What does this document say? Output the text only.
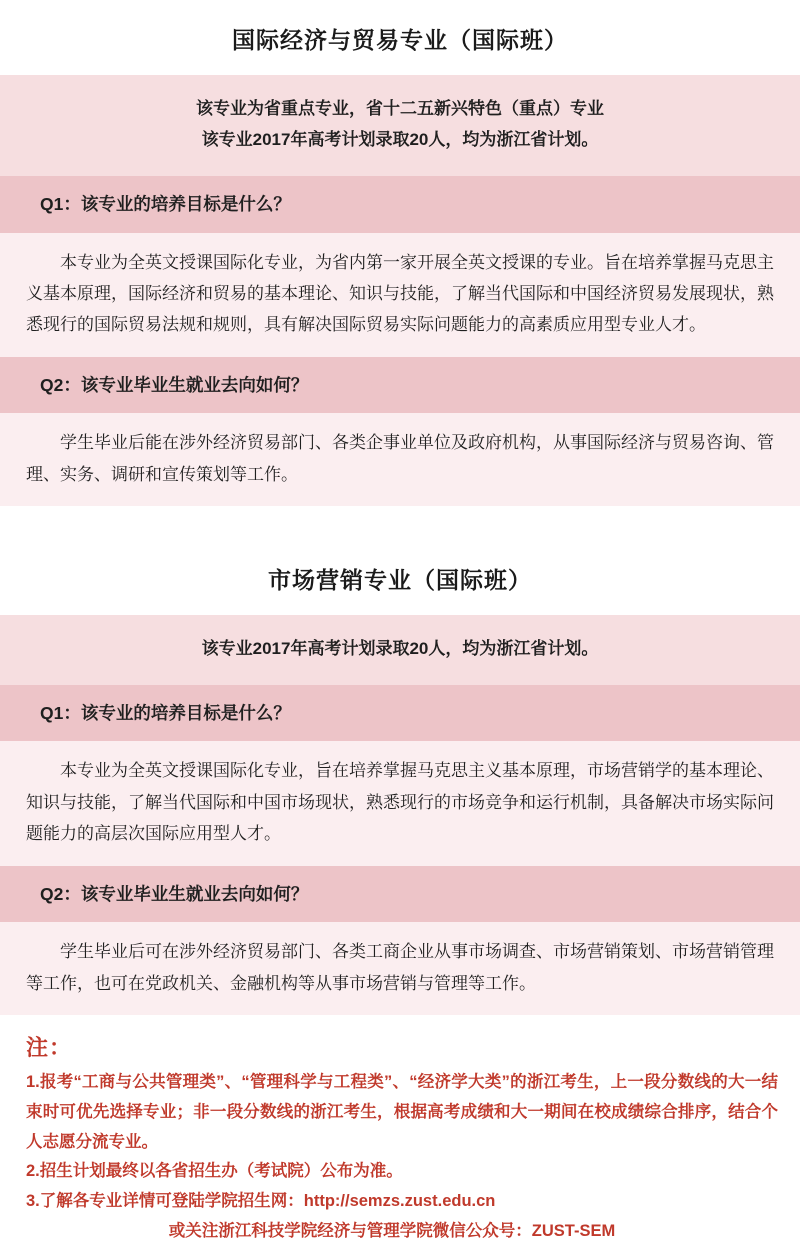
国际经济与贸易专业（国际班）
该专业为省重点专业，省十二五新兴特色（重点）专业
该专业2017年高考计划录取20人，均为浙江省计划。
Q1：该专业的培养目标是什么？
本专业为全英文授课国际化专业，为省内第一家开展全英文授课的专业。旨在培养掌握马克思主义基本原理，国际经济和贸易的基本理论、知识与技能，了解当代国际和中国经济贸易发展现状，熟悉现行的国际贸易法规和规则，具有解决国际贸易实际问题能力的高素质应用型专业人才。
Q2：该专业毕业生就业去向如何？
学生毕业后能在涉外经济贸易部门、各类企事业单位及政府机构，从事国际经济与贸易咨询、管理、实务、调研和宣传策划等工作。
市场营销专业（国际班）
该专业2017年高考计划录取20人，均为浙江省计划。
Q1：该专业的培养目标是什么？
本专业为全英文授课国际化专业，旨在培养掌握马克思主义基本原理，市场营销学的基本理论、知识与技能，了解当代国际和中国市场现状，熟悉现行的市场竞争和运行机制，具备解决市场实际问题能力的高层次国际应用型人才。
Q2：该专业毕业生就业去向如何？
学生毕业后可在涉外经济贸易部门、各类工商企业从事市场调查、市场营销策划、市场营销管理等工作，也可在党政机关、金融机构等从事市场营销与管理等工作。
注：
1.报考“工商与公共管理类”、“管理科学与工程类”、“经济学大类”的浙江考生，上一段分数线的大一结束时可优先选择专业；非一段分数线的浙江考生，根据高考成绩和大一期间在校成绩综合排序，结合个人志愿分流专业。
2.招生计划最终以各省招生办（考试院）公布为准。
3.了解各专业详情可登陆学院招生网：http://semzs.zust.edu.cn
或关注浙江科技学院经济与管理学院微信公众号：ZUST-SEM
